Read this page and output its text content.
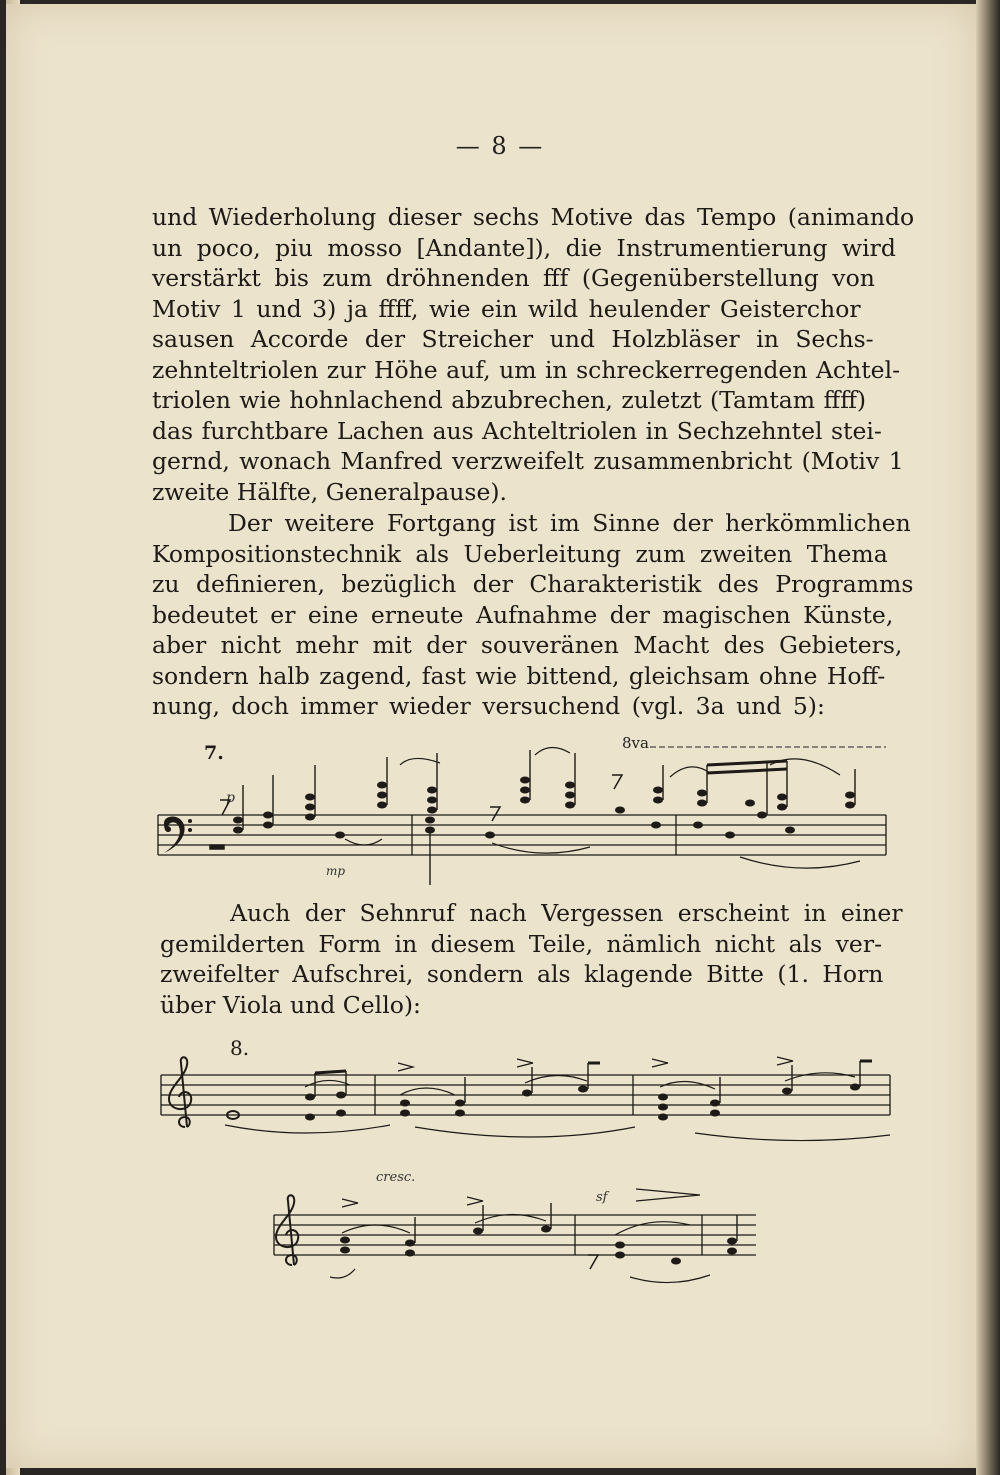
— 8 —
und Wiederholung dieser sechs Motive das Tempo (animando
un poco, piu mosso [Andante]), die Instrumentierung wird
verstärkt bis zum dröhnenden fff (Gegenüberstellung von
Motiv 1 und 3) ja ffff, wie ein wild heulender Geisterchor
sausen Accorde der Streicher und Holzbläser in Sechs-
zehnteltriolen zur Höhe auf, um in schreckerregenden Achtel-
triolen wie hohnlachend abzubrechen, zuletzt (Tamtam ffff)
das furchtbare Lachen aus Achteltriolen in Sechzehntel stei-
gernd, wonach Manfred verzweifelt zusammenbricht (Motiv 1
zweite Hälfte, Generalpause).
Der weitere Fortgang ist im Sinne der herkömmlichen
Kompositionstechnik als Ueberleitung zum zweiten Thema
zu definieren, bezüglich der Charakteristik des Programms
bedeutet er eine erneute Aufnahme der magischen Künste,
aber nicht mehr mit der souveränen Macht des Gebieters,
sondern halb zagend, fast wie bittend, gleichsam ohne Hoff-
nung, doch immer wieder versuchend (vgl. 3a und 5):
7.	8va
p
mp
Auch der Sehnruf nach Vergessen erscheint in einer
gemilderten Form in diesem Teile, nämlich nicht als ver-
zweifelter Aufschrei, sondern als klagende Bitte (1. Horn
über Viola und Cello):
8.
cresc.
sf
